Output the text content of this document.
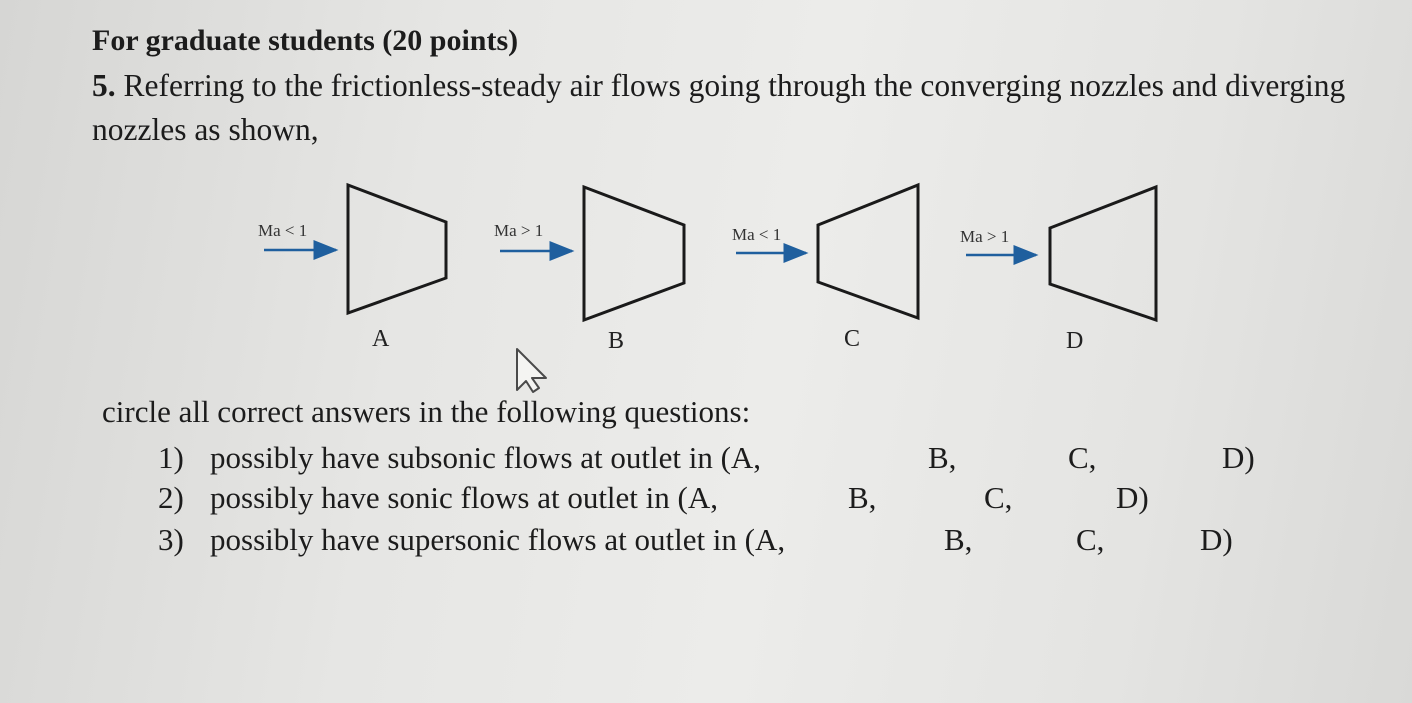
For graduate students (20 points)

5. Referring to the frictionless-steady air flows going through the converging nozzles and diverging nozzles as shown,

Ma < 1
A
Ma > 1
B
Ma < 1
C
Ma > 1
D

circle all correct answers in the following questions:

1) possibly have subsonic flows at outlet in (A,	B,	C,	D)
2) possibly have sonic flows at outlet in (A,	B,	C,	D)
3) possibly have supersonic flows at outlet in (A,	B,	C,	D)
